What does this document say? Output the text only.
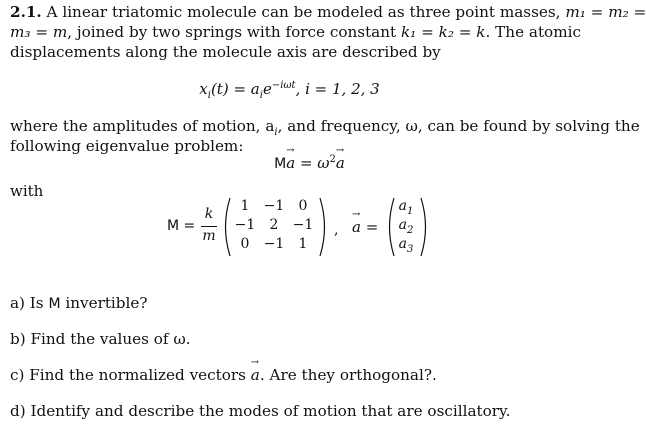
2.1. A linear triatomic molecule can be modeled as three point masses, m₁ = m₂ =
m₃ = m, joined by two springs with force constant k₁ = k₂ = k. The atomic
displacements along the molecule axis are described by
$x_i(t) = a_ie^{-i\omega t}$, i = 1, 2, 3
where the amplitudes of motion, $a_i$, and frequency, ω, can be found by solving the
following eigenvalue problem:
$M\to a = \omega^2\to a$
with
M =
k
m
1	−1	0
−1	2	−1
0	−1	1
,
→ a =
$a_1$
$a_2$
$a_3$
a) Is M invertible?
b) Find the values of ω.
c) Find the normalized vectors → a. Are they orthogonal?.
d) Identify and describe the modes of motion that are oscillatory.
